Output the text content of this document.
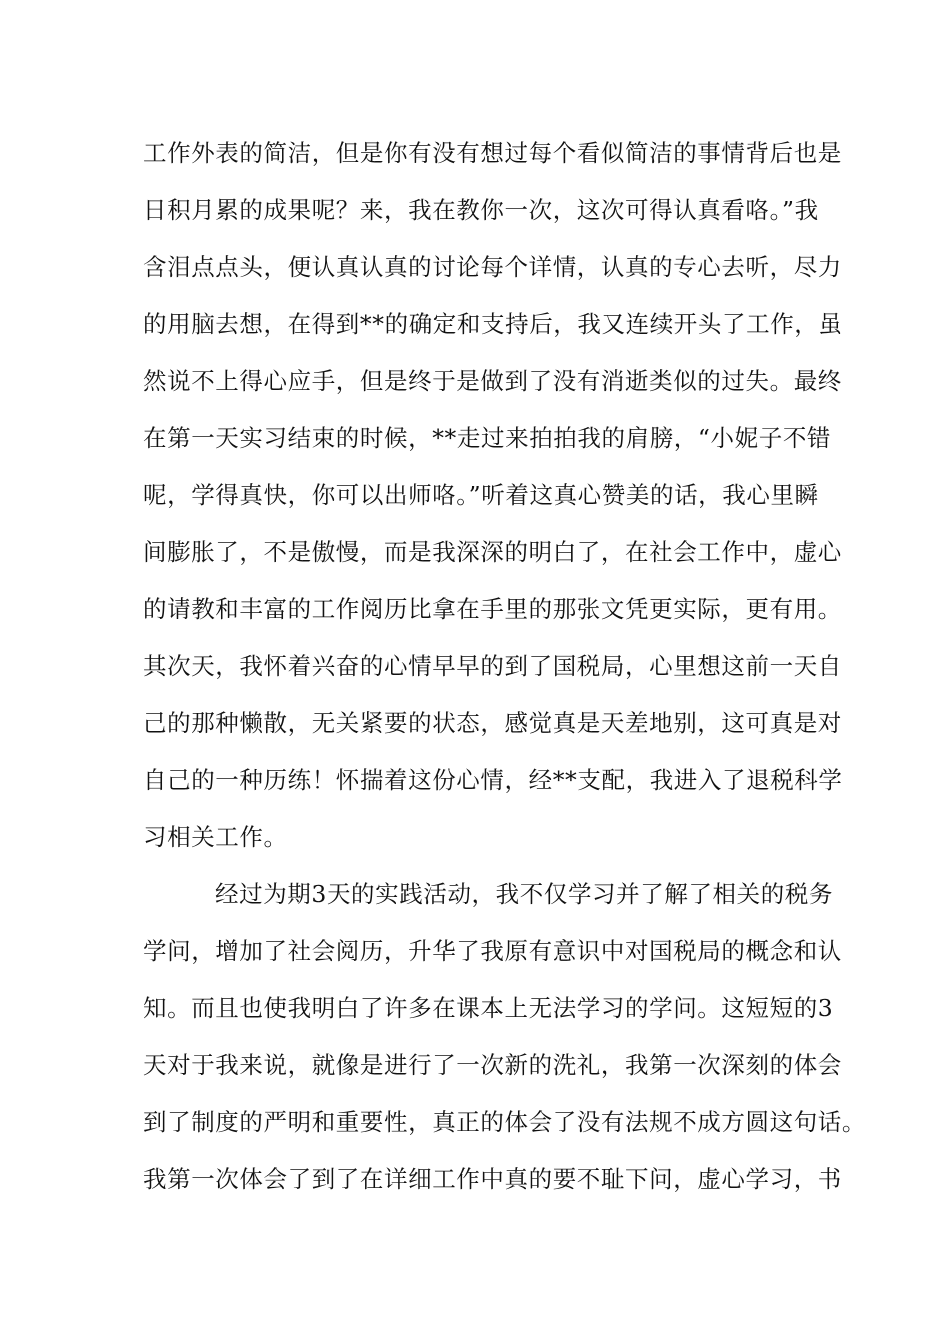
工作外表的简洁，但是你有没有想过每个看似简洁的事情背后也是
日积月累的成果呢？来，我在教你一次，这次可得认真看咯。”我
含泪点点头，便认真认真的讨论每个详情，认真的专心去听，尽力
的用脑去想，在得到**的确定和支持后，我又连续开头了工作，虽
然说不上得心应手，但是终于是做到了没有消逝类似的过失。最终
在第一天实习结束的时候，**走过来拍拍我的肩膀，“小妮子不错
呢，学得真快，你可以出师咯。”听着这真心赞美的话，我心里瞬
间膨胀了，不是傲慢，而是我深深的明白了，在社会工作中，虚心
的请教和丰富的工作阅历比拿在手里的那张文凭更实际，更有用。
其次天，我怀着兴奋的心情早早的到了国税局，心里想这前一天自
己的那种懒散，无关紧要的状态，感觉真是天差地别，这可真是对
自己的一种历练！怀揣着这份心情，经**支配，我进入了退税科学
习相关工作。
经过为期3天的实践活动，我不仅学习并了解了相关的税务
学问，增加了社会阅历，升华了我原有意识中对国税局的概念和认
知。而且也使我明白了许多在课本上无法学习的学问。这短短的3
天对于我来说，就像是进行了一次新的洗礼，我第一次深刻的体会
到了制度的严明和重要性，真正的体会了没有法规不成方圆这句话。
我第一次体会了到了在详细工作中真的要不耻下问，虚心学习，书
